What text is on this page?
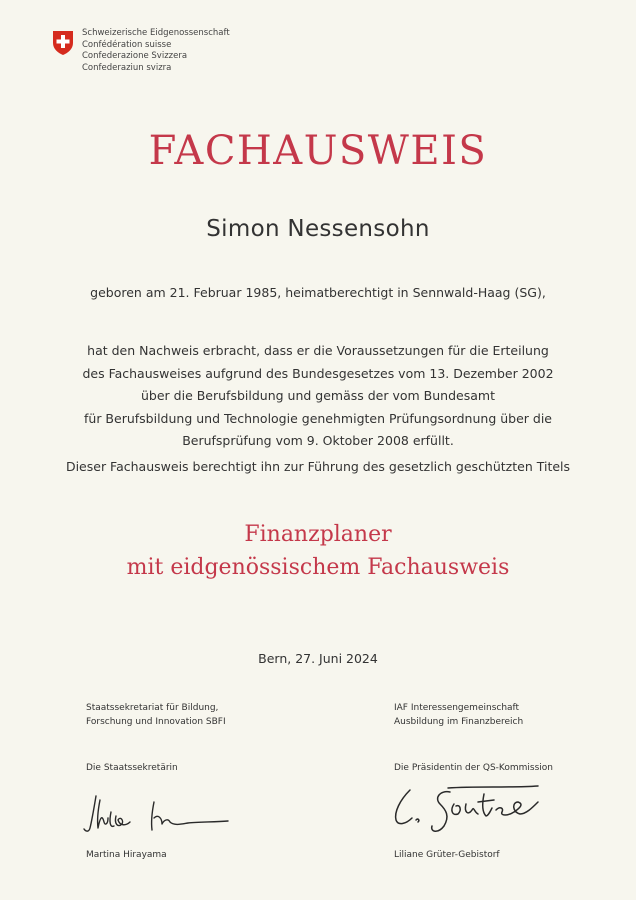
Schweizerische Eidgenossenschaft
Confédération suisse
Confederazione Svizzera
Confederaziun svizra
FACHAUSWEIS
Simon Nessensohn
geboren am 21. Februar 1985, heimatberechtigt in Sennwald-Haag (SG),
hat den Nachweis erbracht, dass er die Voraussetzungen für die Erteilung
des Fachausweises aufgrund des Bundesgesetzes vom 13. Dezember 2002
über die Berufsbildung und gemäss der vom Bundesamt
für Berufsbildung und Technologie genehmigten Prüfungsordnung über die
Berufsprüfung vom 9. Oktober 2008 erfüllt.
Dieser Fachausweis berechtigt ihn zur Führung des gesetzlich geschützten Titels
Finanzplaner
mit eidgenössischem Fachausweis
Bern, 27. Juni 2024
Staatssekretariat für Bildung,
Forschung und Innovation SBFI
Die Staatssekretärin
Martina Hirayama
IAF Interessengemeinschaft
Ausbildung im Finanzbereich
Die Präsidentin der QS-Kommission
Liliane Grüter-Gebistorf
